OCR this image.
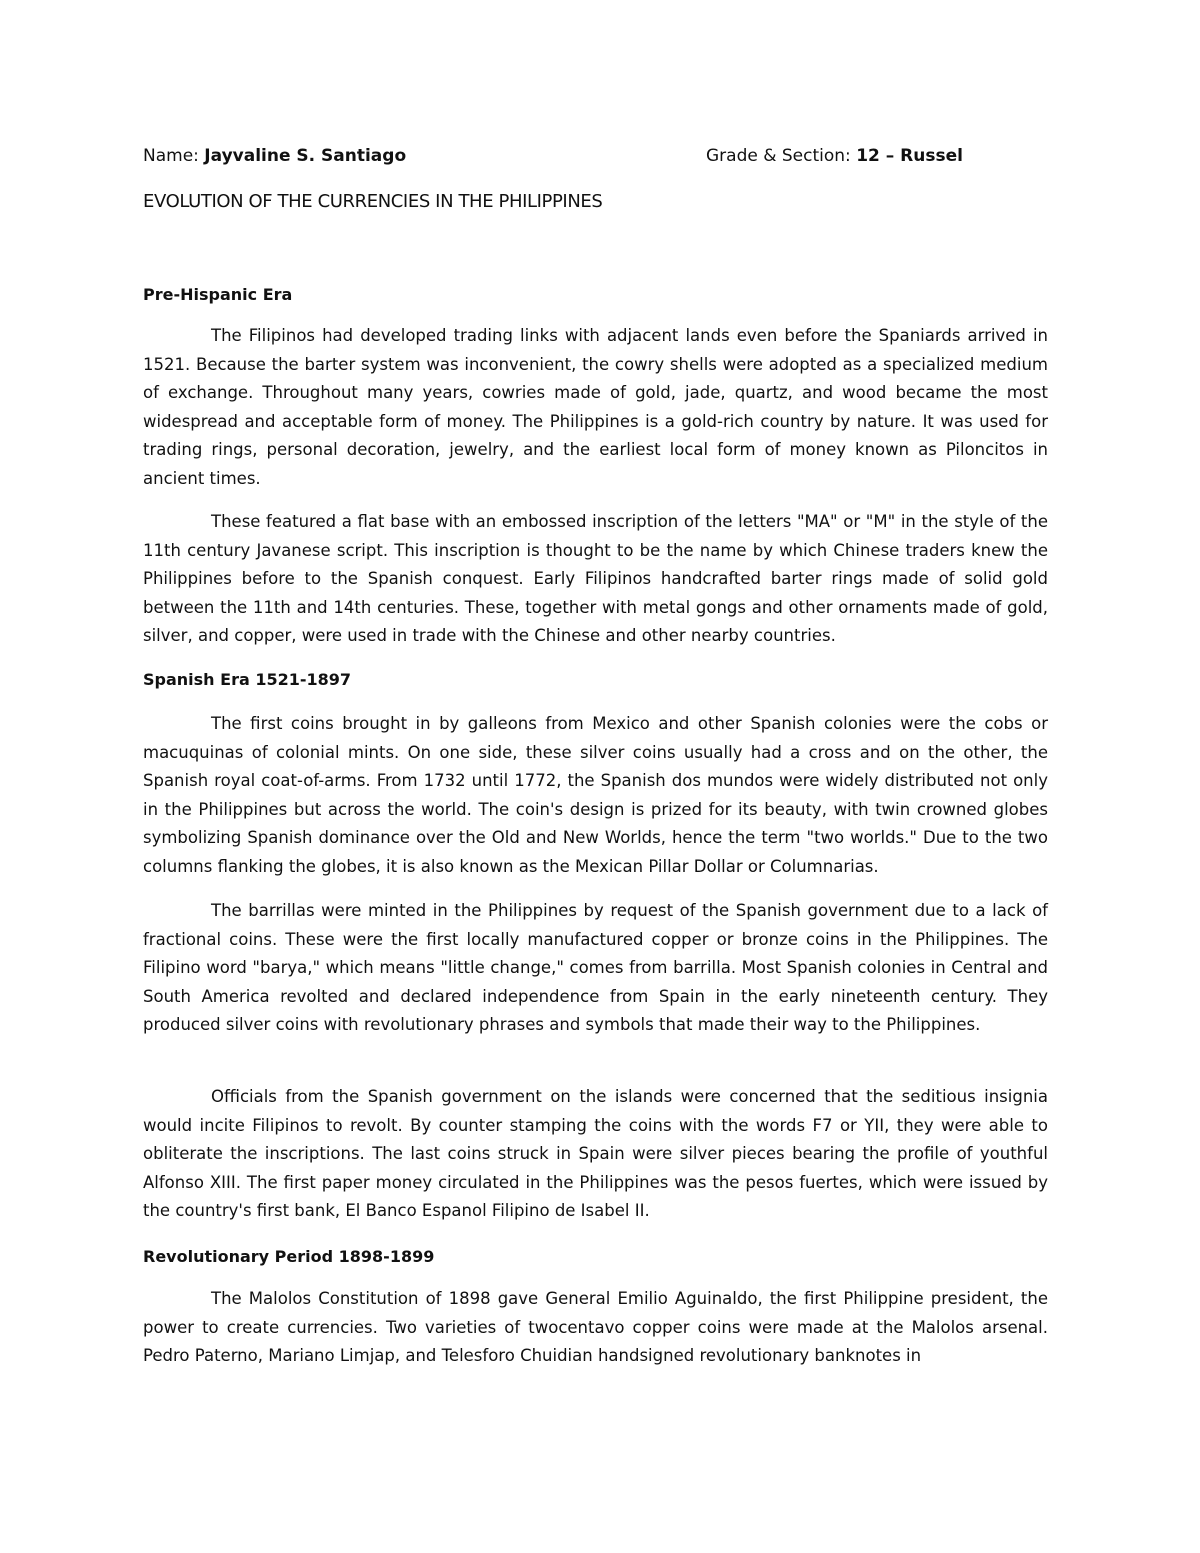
Name: Jayvaline S. Santiago	Grade & Section: 12 – Russel
EVOLUTION OF THE CURRENCIES IN THE PHILIPPINES
Pre-Hispanic Era

The Filipinos had developed trading links with adjacent lands even before the Spaniards arrived in 1521. Because the barter system was inconvenient, the cowry shells were adopted as a specialized medium of exchange. Throughout many years, cowries made of gold, jade, quartz, and wood became the most widespread and acceptable form of money. The Philippines is a gold-rich country by nature. It was used for trading rings, personal decoration, jewelry, and the earliest local form of money known as Piloncitos in ancient times.

These featured a flat base with an embossed inscription of the letters "MA" or "M" in the style of the 11th century Javanese script. This inscription is thought to be the name by which Chinese traders knew the Philippines before to the Spanish conquest. Early Filipinos handcrafted barter rings made of solid gold between the 11th and 14th centuries. These, together with metal gongs and other ornaments made of gold, silver, and copper, were used in trade with the Chinese and other nearby countries.

Spanish Era 1521-1897

The first coins brought in by galleons from Mexico and other Spanish colonies were the cobs or macuquinas of colonial mints. On one side, these silver coins usually had a cross and on the other, the Spanish royal coat-of-arms. From 1732 until 1772, the Spanish dos mundos were widely distributed not only in the Philippines but across the world. The coin's design is prized for its beauty, with twin crowned globes symbolizing Spanish dominance over the Old and New Worlds, hence the term "two worlds." Due to the two columns flanking the globes, it is also known as the Mexican Pillar Dollar or Columnarias.

The barrillas were minted in the Philippines by request of the Spanish government due to a lack of fractional coins. These were the first locally manufactured copper or bronze coins in the Philippines. The Filipino word "barya," which means "little change," comes from barrilla. Most Spanish colonies in Central and South America revolted and declared independence from Spain in the early nineteenth century. They produced silver coins with revolutionary phrases and symbols that made their way to the Philippines.

Officials from the Spanish government on the islands were concerned that the seditious insignia would incite Filipinos to revolt. By counter stamping the coins with the words F7 or YII, they were able to obliterate the inscriptions. The last coins struck in Spain were silver pieces bearing the profile of youthful Alfonso XIII. The first paper money circulated in the Philippines was the pesos fuertes, which were issued by the country's first bank, El Banco Espanol Filipino de Isabel II.

Revolutionary Period 1898-1899

The Malolos Constitution of 1898 gave General Emilio Aguinaldo, the first Philippine president, the power to create currencies. Two varieties of twocentavo copper coins were made at the Malolos arsenal. Pedro Paterno, Mariano Limjap, and Telesforo Chuidian handsigned revolutionary banknotes in
